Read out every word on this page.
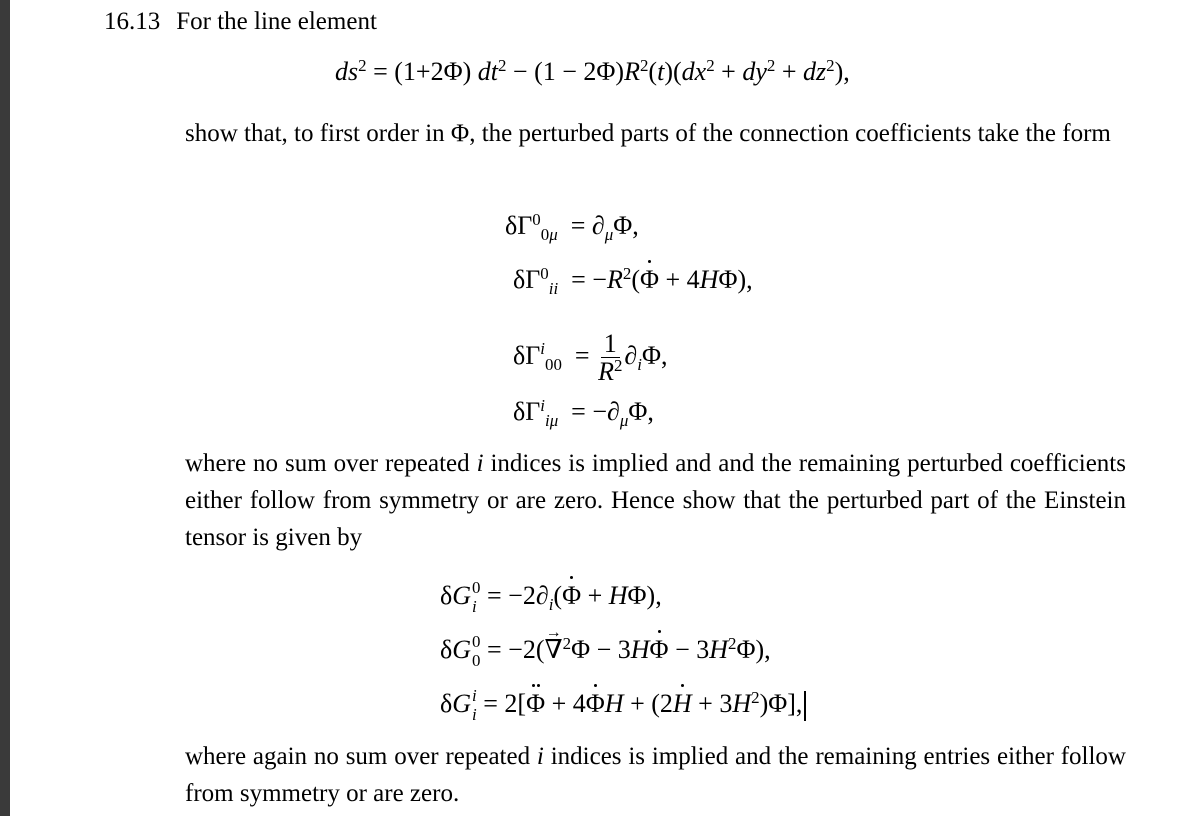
16.13 For the line element
$ds^2 = (1+2\Phi) dt^2 - (1 - 2\Phi)R^2(t)(dx^2 + dy^2 + dz^2)$,
show that, to first order in Φ, the perturbed parts of the connection coefficients take the form
$\delta\Gamma^0_{0\mu} = \partial_\mu\Phi$,
$\delta\Gamma^0_{ii} = -R^2(\Phi + 4H\Phi)$,
$\delta\Gamma^i_{00} = \frac{1}{R^2} \partial_i\Phi$,
$\delta\Gamma^i_{i\mu} = -\partial_\mu\Phi$,
where no sum over repeated i indices is implied and and the remaining perturbed coefficients either follow from symmetry or are zero. Hence show that the perturbed part of the Einstein tensor is given by
δG 0
$i = -2\partial_i(\Phi + H\Phi)$,
δG 0
$0 = -2(\to \nabla^2\Phi - 3H\Phi - 3H^2\Phi)$,
δG i
$i = 2[\Phi + 4\Phi H + (2H + 3H^2)\Phi]$,
where again no sum over repeated i indices is implied and the remaining entries either follow from symmetry or are zero.
